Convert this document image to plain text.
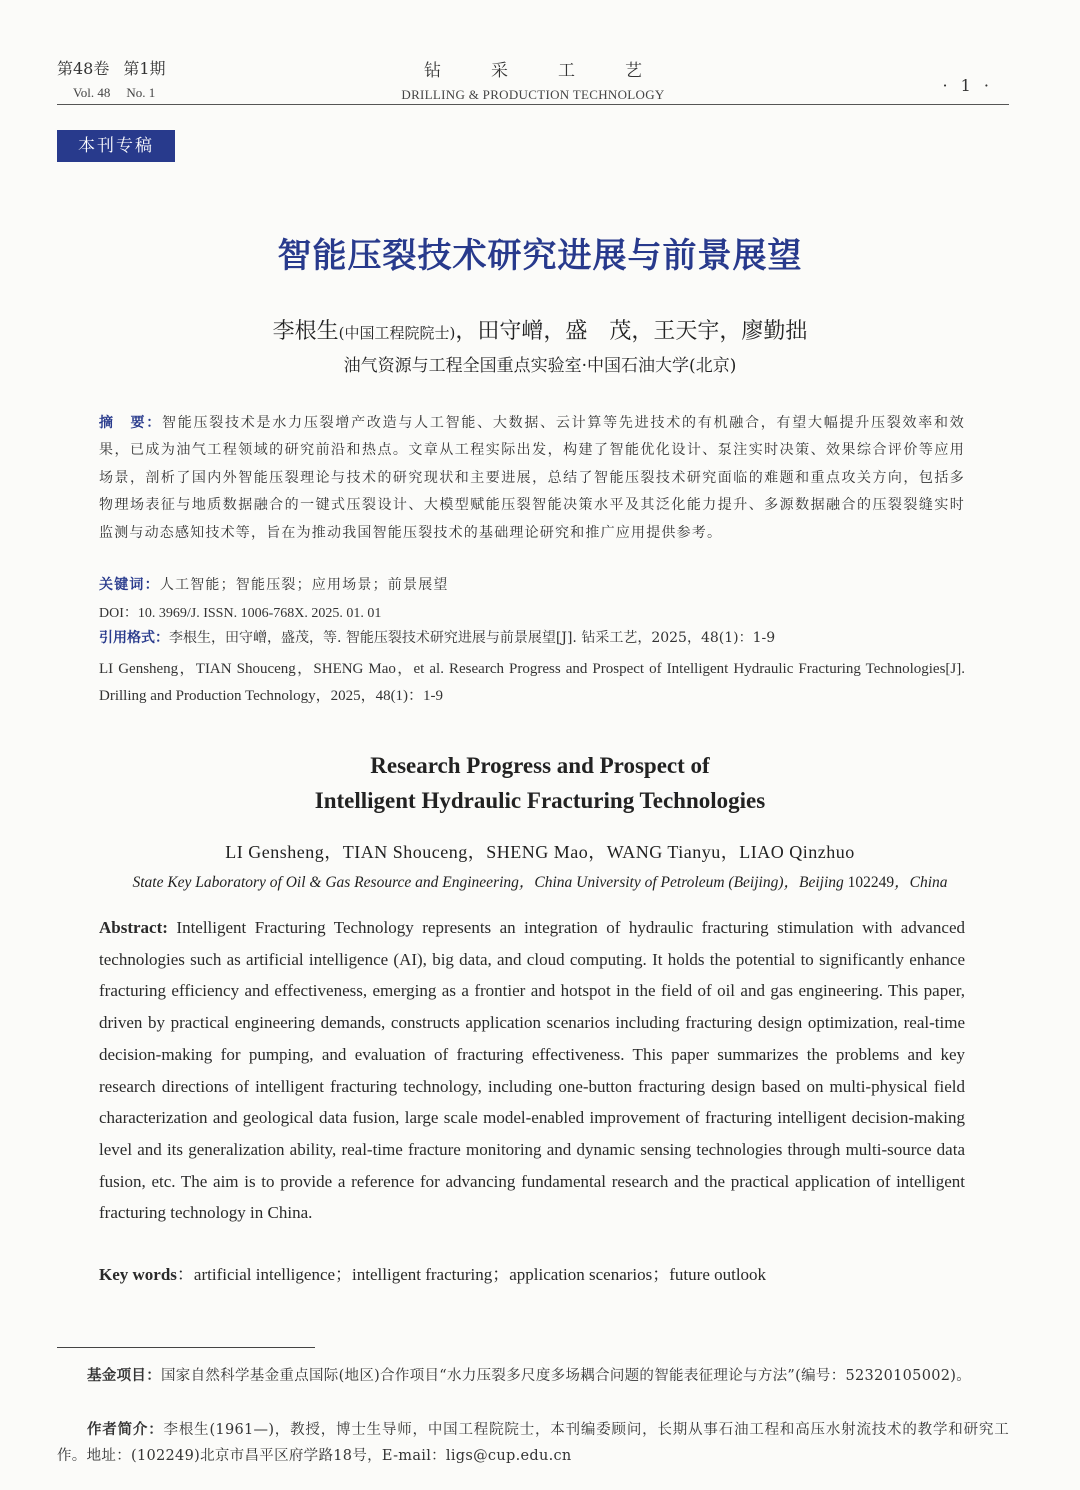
第48卷 第1期
Vol. 48 No. 1
钻采工艺
DRILLING & PRODUCTION TECHNOLOGY	· 1 ·
本刊专稿
智能压裂技术研究进展与前景展望
李根生(中国工程院院士)，田守嶒，盛　茂，王天宇，廖勤拙
油气资源与工程全国重点实验室·中国石油大学(北京)
摘　要：智能压裂技术是水力压裂增产改造与人工智能、大数据、云计算等先进技术的有机融合，有望大幅提升压裂效率和效果，已成为油气工程领域的研究前沿和热点。文章从工程实际出发，构建了智能优化设计、泵注实时决策、效果综合评价等应用场景，剖析了国内外智能压裂理论与技术的研究现状和主要进展，总结了智能压裂技术研究面临的难题和重点攻关方向，包括多物理场表征与地质数据融合的一键式压裂设计、大模型赋能压裂智能决策水平及其泛化能力提升、多源数据融合的压裂裂缝实时监测与动态感知技术等，旨在为推动我国智能压裂技术的基础理论研究和推广应用提供参考。
关键词：人工智能；智能压裂；应用场景；前景展望
DOI：10. 3969/J. ISSN. 1006-768X. 2025. 01. 01
引用格式：李根生，田守嶒，盛茂，等. 智能压裂技术研究进展与前景展望[J]. 钻采工艺，2025，48(1)：1-9
LI Gensheng，TIAN Shouceng，SHENG Mao，et al. Research Progress and Prospect of Intelligent Hydraulic Fracturing Technologies[J]. Drilling and Production Technology，2025，48(1)：1-9
Research Progress and Prospect of
Intelligent Hydraulic Fracturing Technologies
LI Gensheng，TIAN Shouceng，SHENG Mao，WANG Tianyu，LIAO Qinzhuo
State Key Laboratory of Oil & Gas Resource and Engineering，China University of Petroleum (Beijing)，Beijing 102249，China
Abstract: Intelligent Fracturing Technology represents an integration of hydraulic fracturing stimulation with advanced technologies such as artificial intelligence (AI), big data, and cloud computing. It holds the potential to significantly enhance fracturing efficiency and effectiveness, emerging as a frontier and hotspot in the field of oil and gas engineering. This paper, driven by practical engineering demands, constructs application scenarios including fracturing design optimization, real-time decision-making for pumping, and evaluation of fracturing effectiveness. This paper summarizes the problems and key research directions of intelligent fracturing technology, including one-button fracturing design based on multi-physical field characterization and geological data fusion, large scale model-enabled improvement of fracturing intelligent decision-making level and its generalization ability, real-time fracture monitoring and dynamic sensing technologies through multi-source data fusion, etc. The aim is to provide a reference for advancing fundamental research and the practical application of intelligent fracturing technology in China.
Key words：artificial intelligence；intelligent fracturing；application scenarios；future outlook
基金项目：国家自然科学基金重点国际(地区)合作项目“水力压裂多尺度多场耦合问题的智能表征理论与方法”(编号：52320105002)。
作者简介：李根生(1961—)，教授，博士生导师，中国工程院院士，本刊编委顾问，长期从事石油工程和高压水射流技术的教学和研究工作。地址：(102249)北京市昌平区府学路18号，E-mail：ligs@cup.edu.cn
